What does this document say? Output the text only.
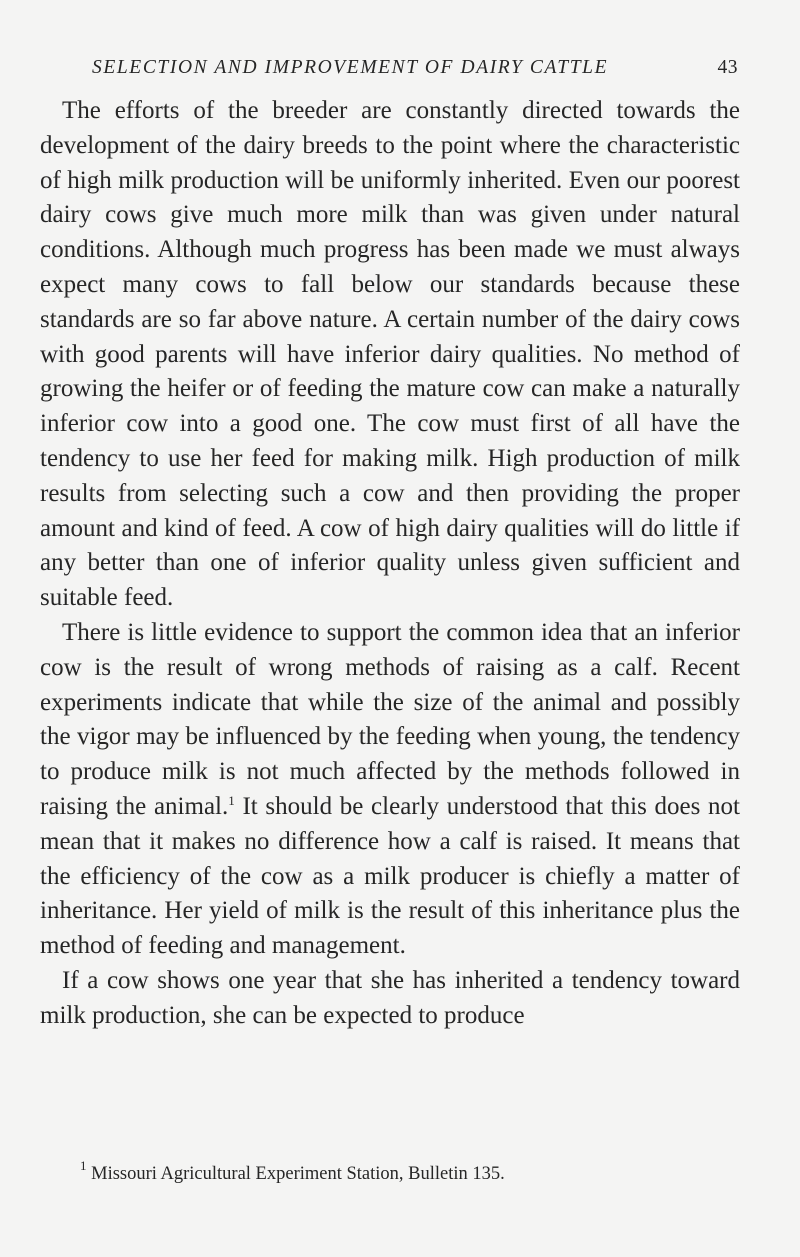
SELECTION AND IMPROVEMENT OF DAIRY CATTLE	43

The efforts of the breeder are constantly directed towards the development of the dairy breeds to the point where the characteristic of high milk production will be uniformly inherited. Even our poorest dairy cows give much more milk than was given under natural conditions. Although much progress has been made we must always expect many cows to fall below our standards because these standards are so far above nature. A certain number of the dairy cows with good parents will have inferior dairy qualities. No method of growing the heifer or of feeding the mature cow can make a naturally inferior cow into a good one. The cow must first of all have the tendency to use her feed for making milk. High production of milk results from selecting such a cow and then providing the proper amount and kind of feed. A cow of high dairy qualities will do little if any better than one of inferior quality unless given sufficient and suitable feed.

There is little evidence to support the common idea that an inferior cow is the result of wrong methods of raising as a calf. Recent experiments indicate that while the size of the animal and possibly the vigor may be influenced by the feeding when young, the tendency to produce milk is not much affected by the methods followed in raising the animal.$^1$ It should be clearly understood that this does not mean that it makes no difference how a calf is raised. It means that the efficiency of the cow as a milk producer is chiefly a matter of inheritance. Her yield of milk is the result of this inheritance plus the method of feeding and management.

If a cow shows one year that she has inherited a tendency toward milk production, she can be expected to produce

$^1$ Missouri Agricultural Experiment Station, Bulletin 135.
